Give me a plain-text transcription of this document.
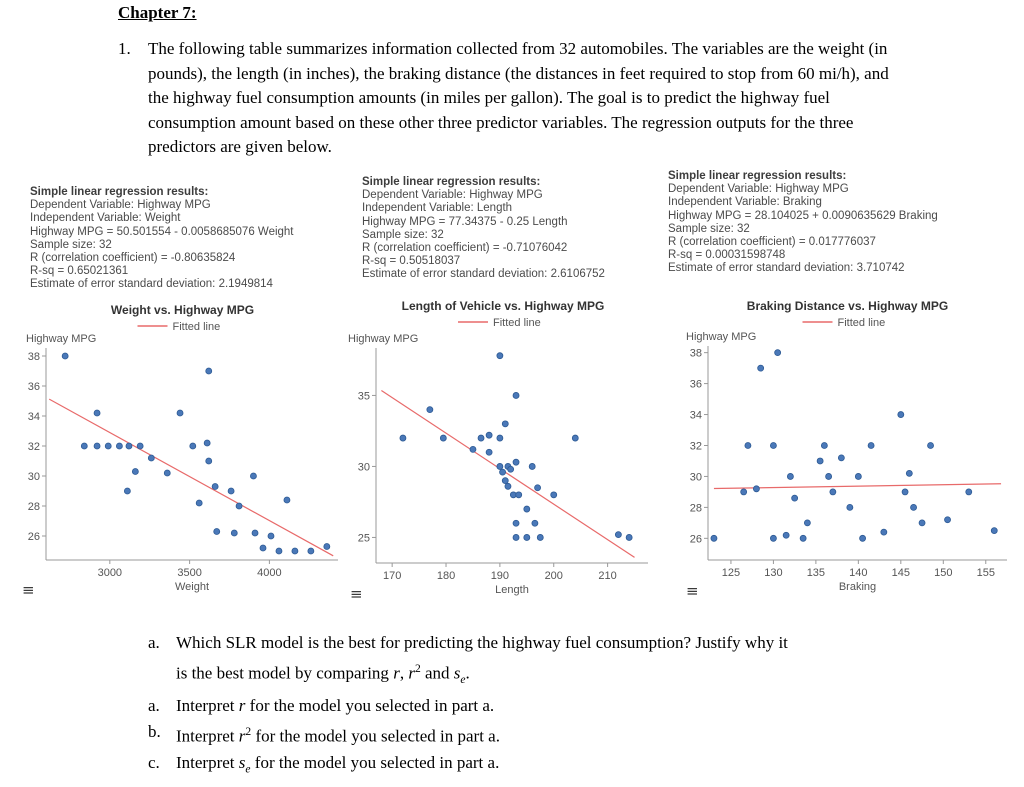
Chapter 7:
1.	The following table summarizes information collected from 32 automobiles. The variables are the weight (in pounds), the length (in inches), the braking distance (the distances in feet required to stop from 60 mi/h), and the highway fuel consumption amounts (in miles per gallon). The goal is to predict the highway fuel consumption amount based on these other three predictor variables. The regression outputs for the three predictors are given below.
Simple linear regression results:
Dependent Variable: Highway MPG
Independent Variable: Weight
Highway MPG = 50.501554 - 0.0058685076 Weight
Sample size: 32
R (correlation coefficient) = -0.80635824
R-sq = 0.65021361
Estimate of error standard deviation: 2.1949814
Simple linear regression results:
Dependent Variable: Highway MPG
Independent Variable: Length
Highway MPG = 77.34375 - 0.25 Length
Sample size: 32
R (correlation coefficient) = -0.71076042
R-sq = 0.50518037
Estimate of error standard deviation: 2.6106752
Simple linear regression results:
Dependent Variable: Highway MPG
Independent Variable: Braking
Highway MPG = 28.104025 + 0.0090635629 Braking
Sample size: 32
R (correlation coefficient) = 0.017776037
R-sq = 0.00031598748
Estimate of error standard deviation: 3.710742
Weight vs. Highway MPG
Fitted line
Highway MPG
26
28
30
32
34
36
38
3000	3500	4000
Weight
Length of Vehicle vs. Highway MPG
Fitted line
Highway MPG
25
30
35
170	180	190	200	210
Length
Braking Distance vs. Highway MPG
Fitted line
Highway MPG
26
28
30
32
34
36
38
125 130 135 140 145 150 155
Braking
≡	≡	≡
a. Which SLR model is the best for predicting the highway fuel consumption? Justify why it
is the best model by comparing r, $r^2$ and $s_e$.
a. Interpret r for the model you selected in part a.
b. Interpret $r^2$ for the model you selected in part a.
c. Interpret $s_e$ for the model you selected in part a.
